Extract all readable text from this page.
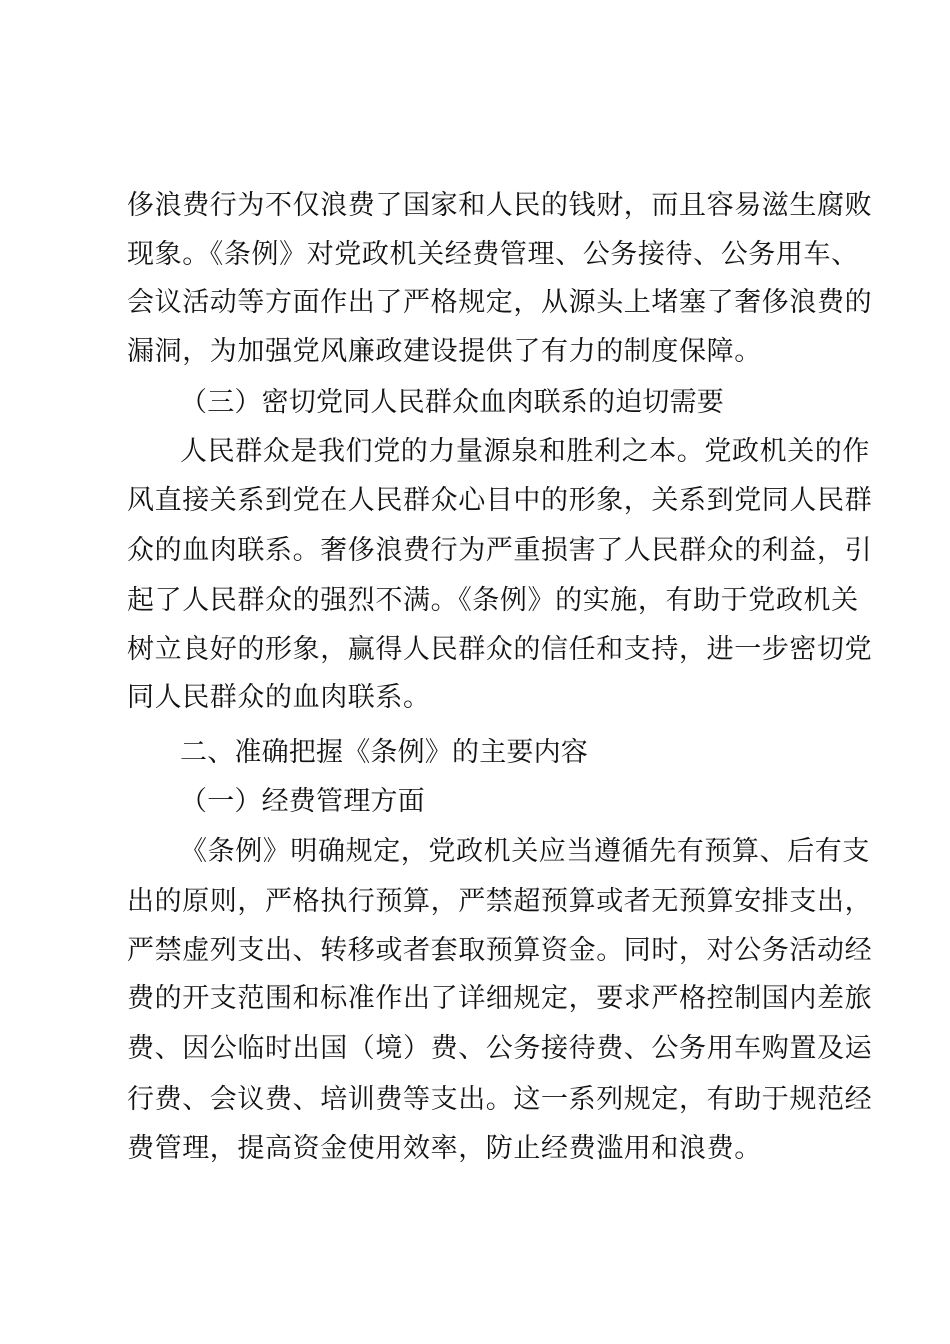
侈浪费行为不仅浪费了国家和人民的钱财，而且容易滋生腐败
现象。《条例》对党政机关经费管理、公务接待、公务用车、
会议活动等方面作出了严格规定，从源头上堵塞了奢侈浪费的
漏洞，为加强党风廉政建设提供了有力的制度保障。
（三）密切党同人民群众血肉联系的迫切需要
人民群众是我们党的力量源泉和胜利之本。党政机关的作
风直接关系到党在人民群众心目中的形象，关系到党同人民群
众的血肉联系。奢侈浪费行为严重损害了人民群众的利益，引
起了人民群众的强烈不满。《条例》的实施，有助于党政机关
树立良好的形象，赢得人民群众的信任和支持，进一步密切党
同人民群众的血肉联系。
二、准确把握《条例》的主要内容
（一）经费管理方面
《条例》明确规定，党政机关应当遵循先有预算、后有支
出的原则，严格执行预算，严禁超预算或者无预算安排支出，
严禁虚列支出、转移或者套取预算资金。同时，对公务活动经
费的开支范围和标准作出了详细规定，要求严格控制国内差旅
费、因公临时出国（境）费、公务接待费、公务用车购置及运
行费、会议费、培训费等支出。这一系列规定，有助于规范经
费管理，提高资金使用效率，防止经费滥用和浪费。
